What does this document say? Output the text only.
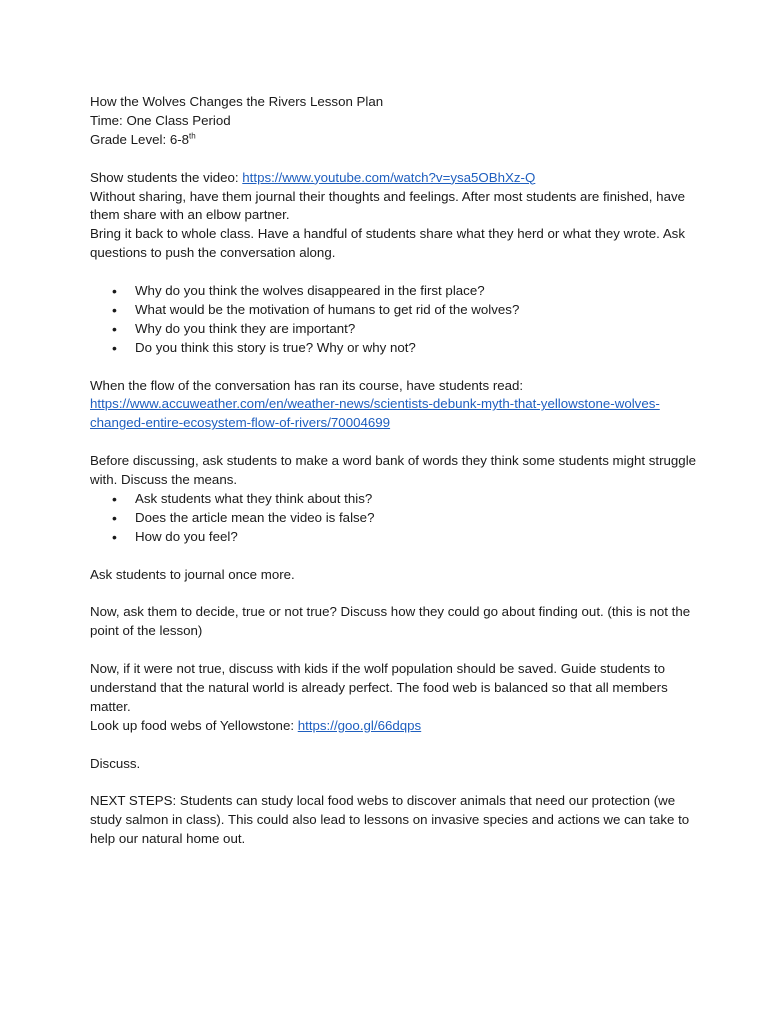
How the Wolves Changes the Rivers Lesson Plan

Time: One Class Period

Grade Level: 6-8th

Show students the video: https://www.youtube.com/watch?v=ysa5OBhXz-Q

Without sharing, have them journal their thoughts and feelings. After most students are finished, have them share with an elbow partner.

Bring it back to whole class. Have a handful of students share what they herd or what they wrote. Ask questions to push the conversation along.

• Why do you think the wolves disappeared in the first place?
• What would be the motivation of humans to get rid of the wolves?
• Why do you think they are important?
• Do you think this story is true? Why or why not?

When the flow of the conversation has ran its course, have students read:

https://www.accuweather.com/en/weather-news/scientists-debunk-myth-that-yellowstone-wolves-changed-entire-ecosystem-flow-of-rivers/70004699

Before discussing, ask students to make a word bank of words they think some students might struggle with. Discuss the means.

• Ask students what they think about this?
• Does the article mean the video is false?
• How do you feel?

Ask students to journal once more.

Now, ask them to decide, true or not true? Discuss how they could go about finding out. (this is not the point of the lesson)

Now, if it were not true, discuss with kids if the wolf population should be saved. Guide students to understand that the natural world is already perfect. The food web is balanced so that all members matter.

Look up food webs of Yellowstone: https://goo.gl/66dqps

Discuss.

NEXT STEPS: Students can study local food webs to discover animals that need our protection (we study salmon in class). This could also lead to lessons on invasive species and actions we can take to help our natural home out.
